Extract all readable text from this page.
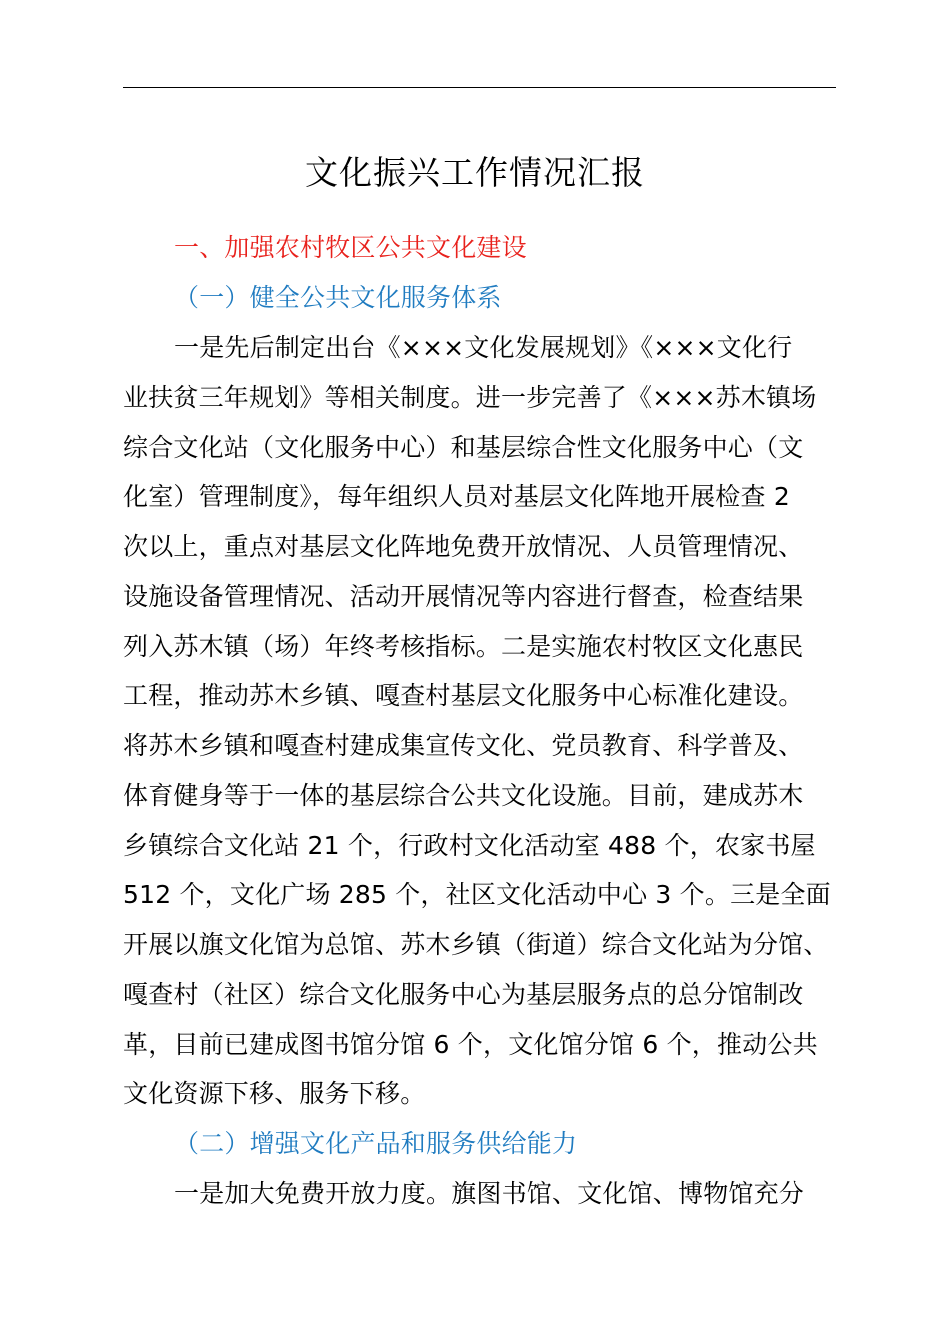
文化振兴工作情况汇报
一、加强农村牧区公共文化建设
（一）健全公共文化服务体系
一是先后制定出台《×××文化发展规划》《×××文化行
业扶贫三年规划》等相关制度。进一步完善了《×××苏木镇场
综合文化站（文化服务中心）和基层综合性文化服务中心（文
化室）管理制度》，每年组织人员对基层文化阵地开展检查 2
次以上，重点对基层文化阵地免费开放情况、人员管理情况、
设施设备管理情况、活动开展情况等内容进行督查，检查结果
列入苏木镇（场）年终考核指标。二是实施农村牧区文化惠民
工程，推动苏木乡镇、嘎查村基层文化服务中心标准化建设。
将苏木乡镇和嘎查村建成集宣传文化、党员教育、科学普及、
体育健身等于一体的基层综合公共文化设施。目前，建成苏木
乡镇综合文化站 21 个，行政村文化活动室 488 个，农家书屋
512 个，文化广场 285 个，社区文化活动中心 3 个。三是全面
开展以旗文化馆为总馆、苏木乡镇（街道）综合文化站为分馆、
嘎查村（社区）综合文化服务中心为基层服务点的总分馆制改
革，目前已建成图书馆分馆 6 个，文化馆分馆 6 个，推动公共
文化资源下移、服务下移。
（二）增强文化产品和服务供给能力
一是加大免费开放力度。旗图书馆、文化馆、博物馆充分
